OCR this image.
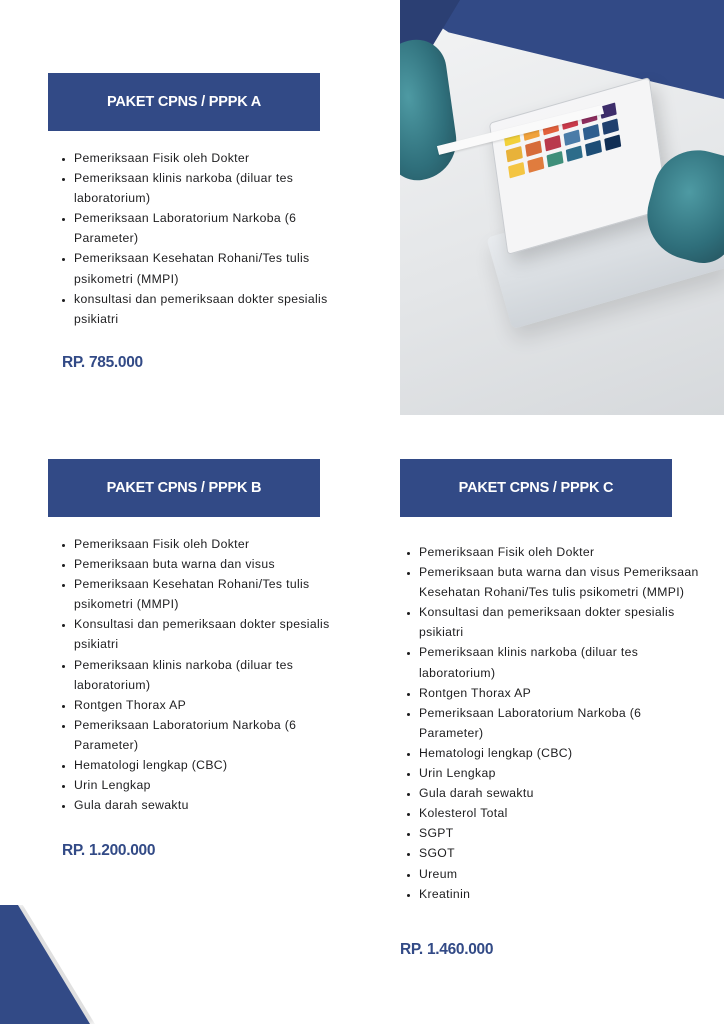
PAKET CPNS / PPPK A
• Pemeriksaan Fisik oleh Dokter
• Pemeriksaan klinis narkoba (diluar tes laboratorium)
• Pemeriksaan Laboratorium Narkoba (6 Parameter)
• Pemeriksaan Kesehatan Rohani/Tes tulis psikometri (MMPI)
• konsultasi dan pemeriksaan dokter spesialis psikiatri
RP. 785.000
PAKET CPNS / PPPK B
• Pemeriksaan Fisik oleh Dokter
• Pemeriksaan buta warna dan visus
• Pemeriksaan Kesehatan Rohani/Tes tulis psikometri (MMPI)
• Konsultasi dan pemeriksaan dokter spesialis psikiatri
• Pemeriksaan klinis narkoba (diluar tes laboratorium)
• Rontgen Thorax AP
• Pemeriksaan Laboratorium Narkoba (6 Parameter)
• Hematologi lengkap (CBC)
• Urin Lengkap
• Gula darah sewaktu
RP. 1.200.000
PAKET CPNS / PPPK C
• Pemeriksaan Fisik oleh Dokter
• Pemeriksaan buta warna dan visus Pemeriksaan Kesehatan Rohani/Tes tulis psikometri (MMPI)
• Konsultasi dan pemeriksaan dokter spesialis psikiatri
• Pemeriksaan klinis narkoba (diluar tes laboratorium)
• Rontgen Thorax AP
• Pemeriksaan Laboratorium Narkoba (6 Parameter)
• Hematologi lengkap (CBC)
• Urin Lengkap
• Gula darah sewaktu
• Kolesterol Total
• SGPT
• SGOT
• Ureum
• Kreatinin
RP. 1.460.000
